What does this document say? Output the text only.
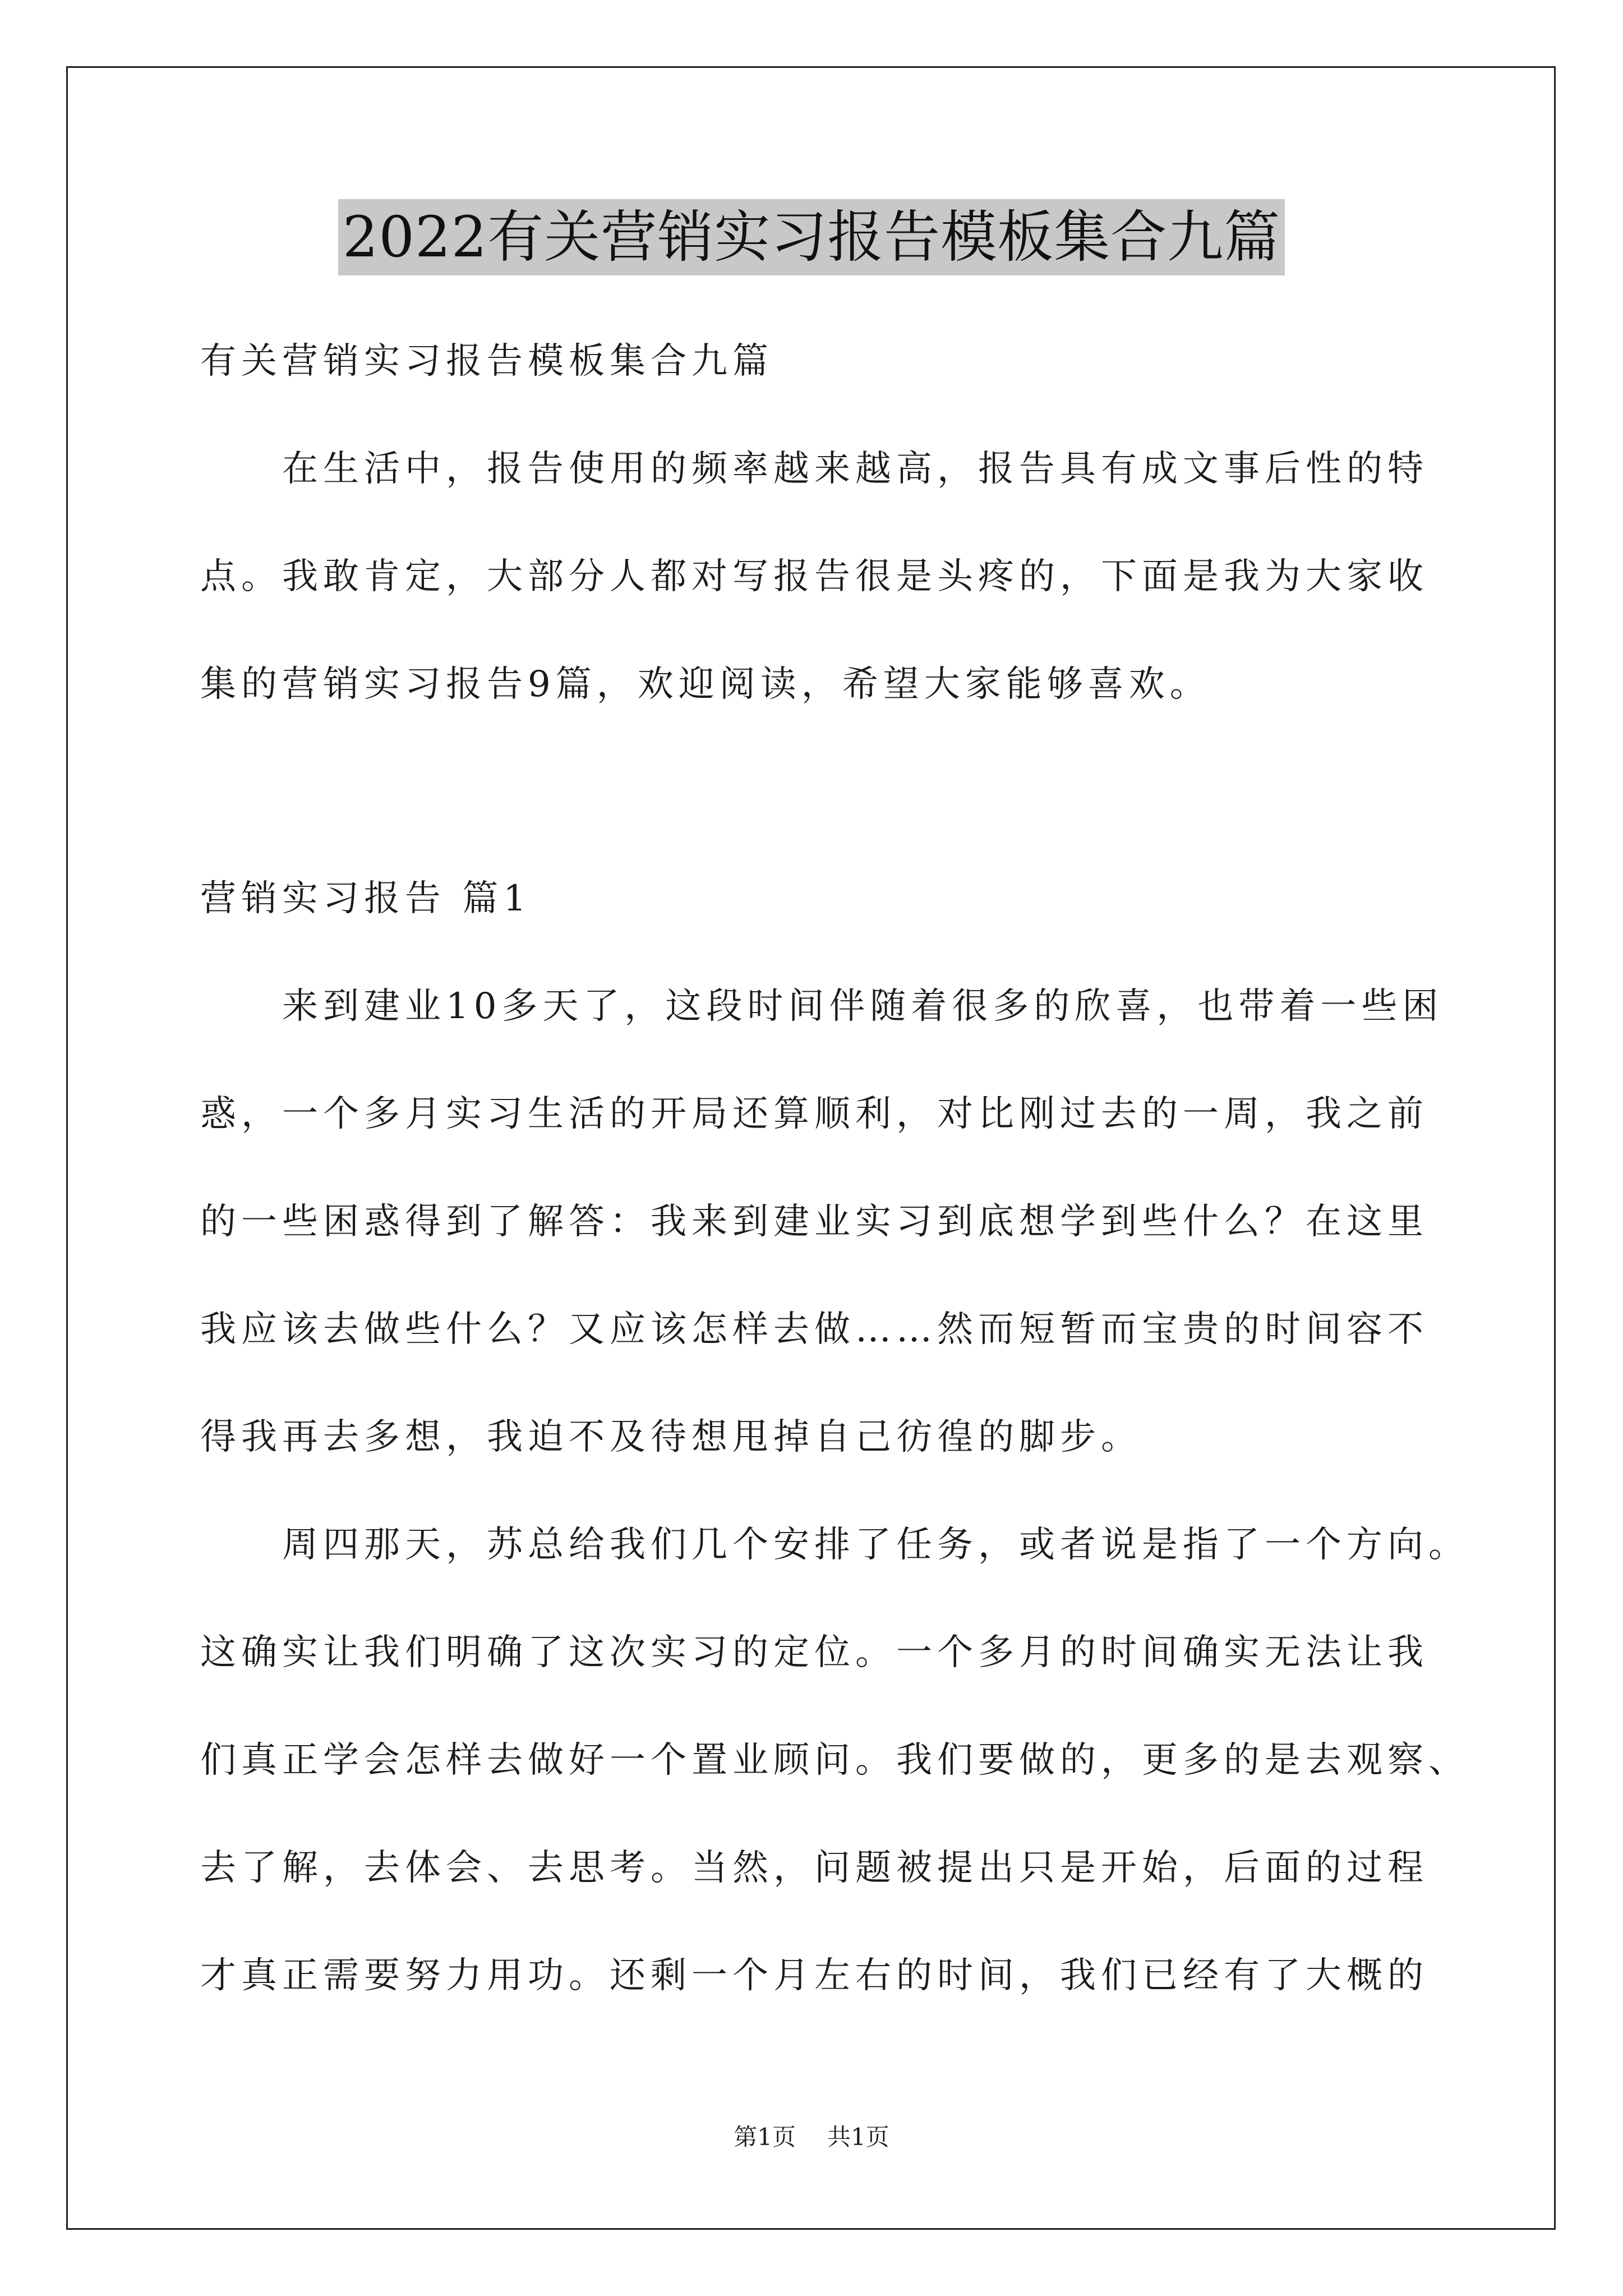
2022有关营销实习报告模板集合九篇

有关营销实习报告模板集合九篇

　　在生活中，报告使用的频率越来越高，报告具有成文事后性的特

点。我敢肯定，大部分人都对写报告很是头疼的，下面是我为大家收

集的营销实习报告9篇，欢迎阅读，希望大家能够喜欢。

营销实习报告 篇1

　　来到建业10多天了，这段时间伴随着很多的欣喜，也带着一些困

惑，一个多月实习生活的开局还算顺利，对比刚过去的一周，我之前

的一些困惑得到了解答：我来到建业实习到底想学到些什么？在这里

我应该去做些什么？又应该怎样去做……然而短暂而宝贵的时间容不

得我再去多想，我迫不及待想甩掉自己彷徨的脚步。

　　周四那天，苏总给我们几个安排了任务，或者说是指了一个方向。

这确实让我们明确了这次实习的定位。一个多月的时间确实无法让我

们真正学会怎样去做好一个置业顾问。我们要做的，更多的是去观察、

去了解，去体会、去思考。当然，问题被提出只是开始，后面的过程

才真正需要努力用功。还剩一个月左右的时间，我们已经有了大概的

第1页 共1页
